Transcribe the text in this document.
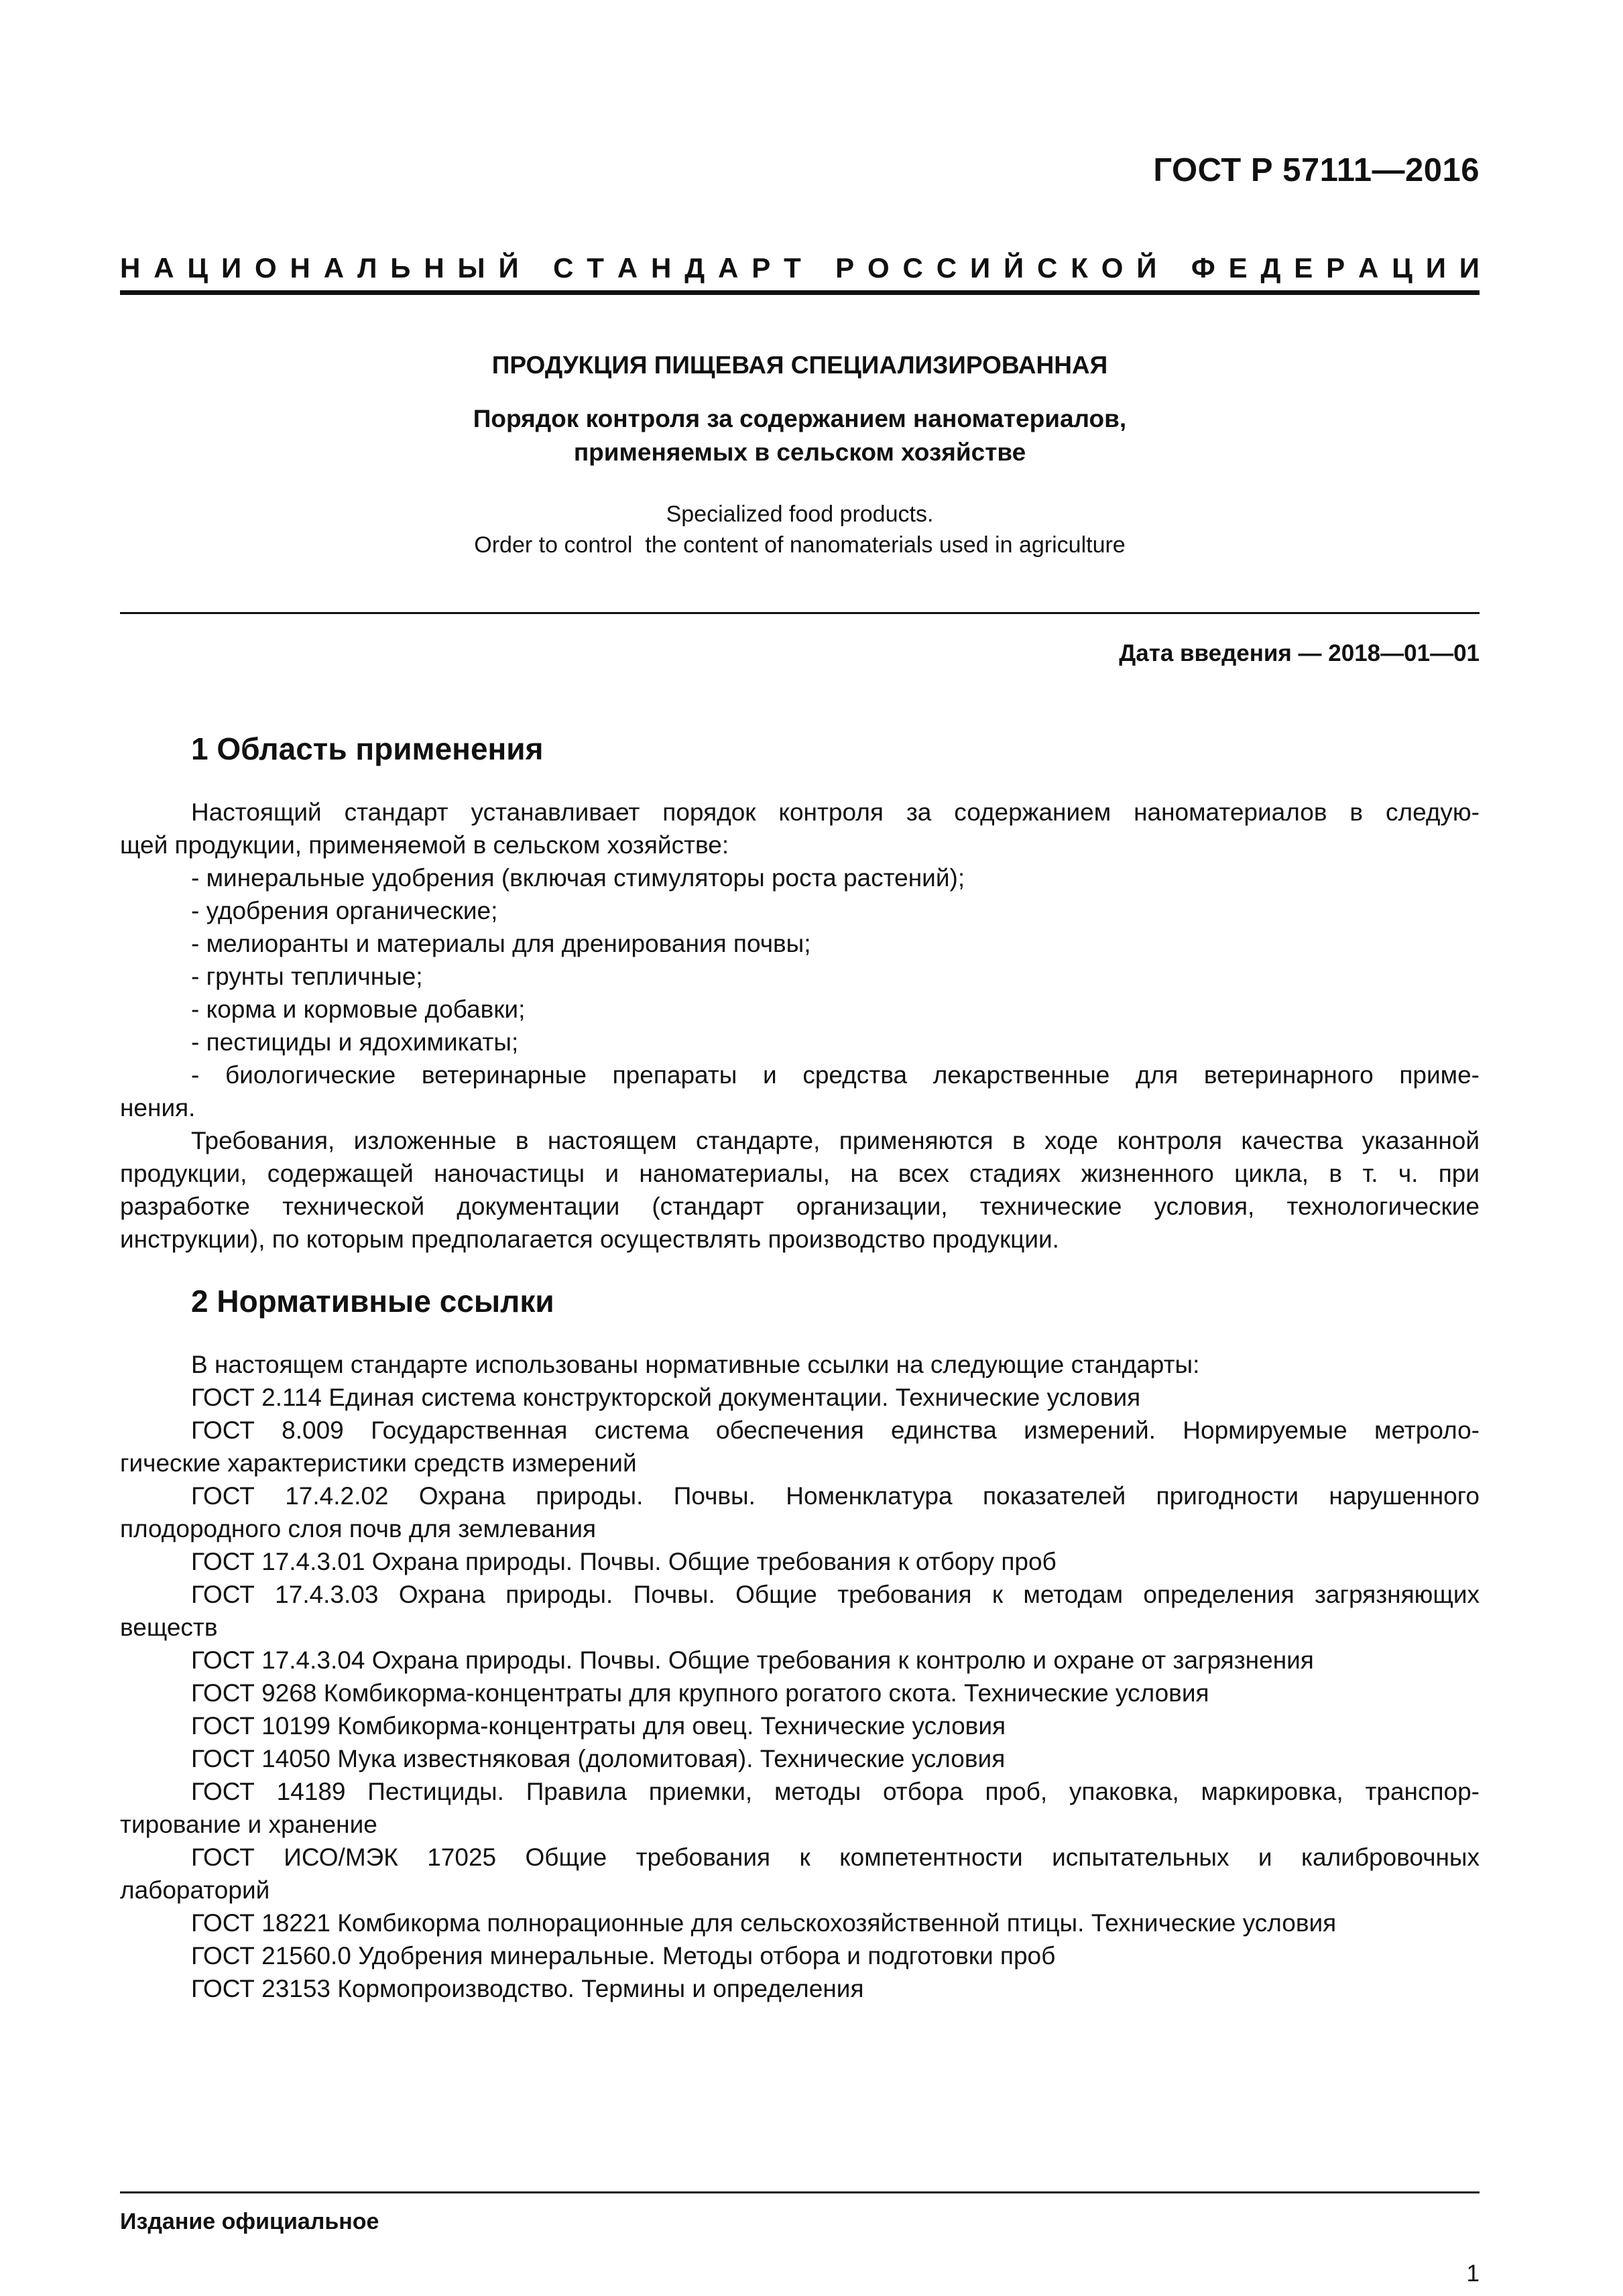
ГОСТ Р 57111—2016
Н А Ц И О Н А Л Ь Н Ы Й
С Т А Н Д А Р Т
Р О С С И Й С К О Й
Ф Е Д Е Р А Ц И И
ПРОДУКЦИЯ ПИЩЕВАЯ СПЕЦИАЛИЗИРОВАННАЯ
Порядок контроля за содержанием наноматериалов,
применяемых в сельском хозяйстве
Specialized food products.
Order to control  the content of nanomaterials used in agriculture
Дата введения — 2018—01—01
1 Область применения
Настоящий стандарт устанавливает порядок контроля за содержанием наноматериалов в следую-
щей продукции, применяемой в сельском хозяйстве:
- минеральные удобрения (включая стимуляторы роста растений);
- удобрения органические;
- мелиоранты и материалы для дренирования почвы;
- грунты тепличные;
- корма и кормовые добавки;
- пестициды и ядохимикаты;
- биологические ветеринарные препараты и средства лекарственные для ветеринарного приме-
нения.
Требования, изложенные в настоящем стандарте, применяются в ходе контроля качества указанной
продукции, содержащей наночастицы и наноматериалы, на всех стадиях жизненного цикла, в т. ч. при
разработке технической документации (стандарт организации, технические условия, технологические
инструкции), по которым предполагается осуществлять производство продукции.
2 Нормативные ссылки
В настоящем стандарте использованы нормативные ссылки на следующие стандарты:
ГОСТ 2.114 Единая система конструкторской документации. Технические условия
ГОСТ 8.009 Государственная система обеспечения единства измерений. Нормируемые метроло-
гические характеристики средств измерений
ГОСТ 17.4.2.02 Охрана природы. Почвы. Номенклатура показателей пригодности нарушенного
плодородного слоя почв для землевания
ГОСТ 17.4.3.01 Охрана природы. Почвы. Общие требования к отбору проб
ГОСТ 17.4.3.03 Охрана природы. Почвы. Общие требования к методам определения загрязняющих
веществ
ГОСТ 17.4.3.04 Охрана природы. Почвы. Общие требования к контролю и охране от загрязнения
ГОСТ 9268 Комбикорма-концентраты для крупного рогатого скота. Технические условия
ГОСТ 10199 Комбикорма-концентраты для овец. Технические условия
ГОСТ 14050 Мука известняковая (доломитовая). Технические условия
ГОСТ 14189 Пестициды. Правила приемки, методы отбора проб, упаковка, маркировка, транспор-
тирование и хранение
ГОСТ ИСО/МЭК 17025 Общие требования к компетентности испытательных и калибровочных
лабораторий
ГОСТ 18221 Комбикорма полнорационные для сельскохозяйственной птицы. Технические условия
ГОСТ 21560.0 Удобрения минеральные. Методы отбора и подготовки проб
ГОСТ 23153 Кормопроизводство. Термины и определения
Издание официальное
1
